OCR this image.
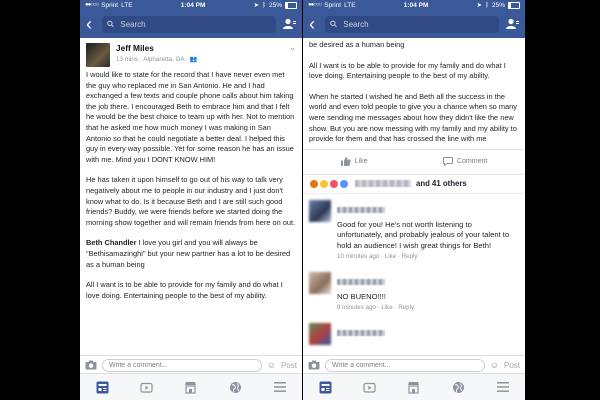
●●○○○ Sprint LTE	1:04 PM	➤ ᛒ 25%
‹
Search
Jeff Miles
13 mins · Alpharetta, GA · 👥
⌄

I would like to state for the record that I have never even met the guy who replaced me in San Antonio. He and I had exchanged a few texts and couple phone calls about him taking the job there. I encouraged Beth to embrace him and that I felt he would be the best choice to team up with her. Not to mention that he asked me how much money I was making in San Antonio so that he could negotiate a better deal. I helped this guy in every way possible. Yet for some reason he has an issue with me. Mind you I DONT KNOW HIM!

He has taken it upon himself to go out of his way to talk very negatively about me to people in our industry and I just don't know what to do. Is it because Beth and I are still such good friends? Buddy, we were friends before we started doing the morning show together and will remain friends from here on out.

Beth Chandler I love you girl and you will always be "Bethisamazinghi" but your new partner has a lot to be desired as a human being

All I want is to be able to provide for my family and do what I love doing. Entertaining people to the best of my ability.

Write a comment...
☺ Post
●●○○○ Sprint LTE	1:04 PM	➤ ᛒ 25%
‹
Search

be desired as a human being

All I want is to be able to provide for my family and do what I love doing. Entertaining people to the best of my ability.

When he started I wished he and Beth all the success in the world and even told people to give you a chance when so many were sending me messages about how they didn't like the new show. But you are now messing with my family and my ability to provide for them and that has crossed the line with me

Like	Comment
and 41 others
Good for you! He's not worth listening to unfortunately, and probably jealous of your talent to hold an audience! I wish great things for Beth!
10 minutes ago · Like · Reply
NO BUENO!!!!
9 minutes ago · Like · Reply
Write a comment...
☺ Post
